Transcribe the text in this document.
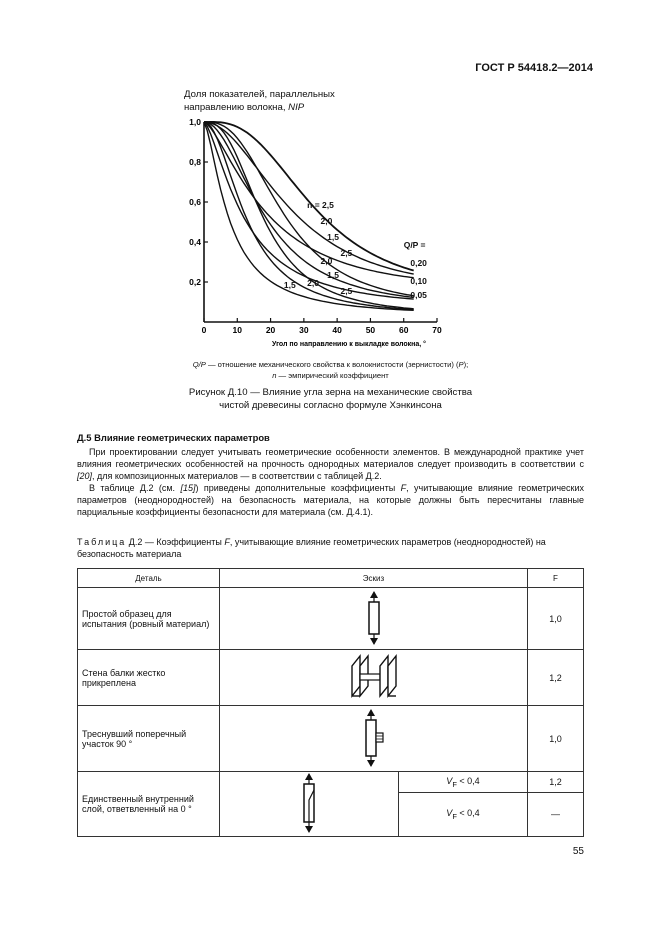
ГОСТ Р 54418.2—2014
Доля показателей, параллельных
направлению волокна, NIP
0	10	20	30	40	50	60	70
0,2
0,4
0,6
0,8
1,0
Угол по направлению к выкладке волокна, °
n = 2,5
2,0
1,5
2,5
2,0
1,5
1,5 2,0
2,5
Q/P =
0,20
0,10
0,05
Q/P — отношение механического свойства к волокнистости (зернистости) (P);
n — эмпирический коэффициент
Рисунок Д.10 — Влияние угла зерна на механические свойства
чистой древесины согласно формуле Хэнкинсона
Д.5 Влияние геометрических параметров

При проектировании следует учитывать геометрические особенности элементов. В международной практике учет влияния геометрических особенностей на прочность однородных материалов следует производить в соответствии с [20], для композиционных материалов — в соответствии с таблицей Д.2.

В таблице Д.2 (см. [15]) приведены дополнительные коэффициенты F, учитывающие влияние геометрических параметров (неоднородностей) на безопасность материала, на которые должны быть пересчитаны главные парциальные коэффициенты безопасности для материала (см. Д.4.1).

Таблица Д.2 — Коэффициенты F, учитывающие влияние геометрических параметров (неоднородностей) на безопасность материала
Деталь	Эскиз		F
Простой образец для испытания (ровный материал)			1,0
Стена балки жестко прикреплена			1,2
Треснувший поперечный участок 90 °			1,0
Единственный внутренний слой, ответвленный на 0 °		$V_F < 0,4$	1,2
		$V_F < 0,4$	—
55
